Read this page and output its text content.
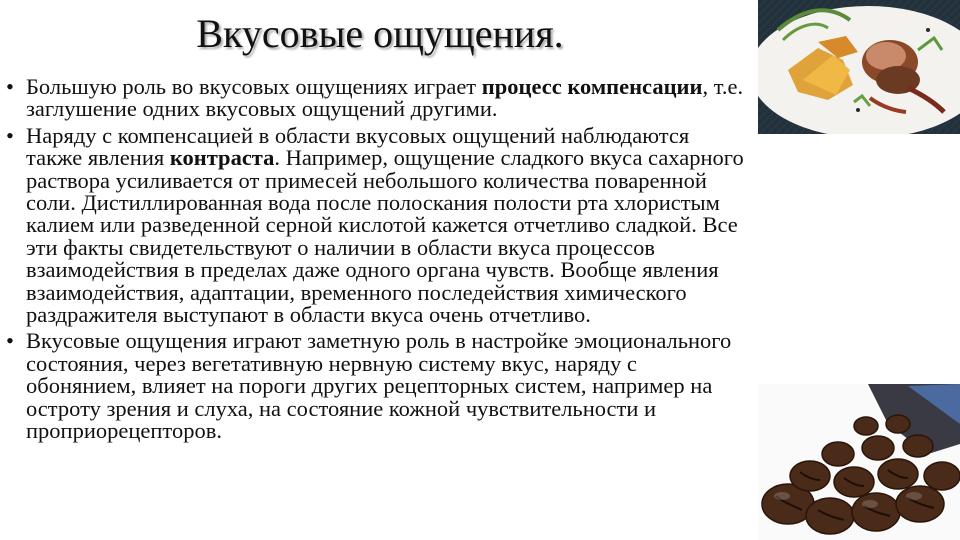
Вкусовые ощущения.
• Большую роль во вкусовых ощущениях играет процесс компенсации, т.е. заглушение одних вкусовых ощущений другими.
• Наряду с компенсацией в области вкусовых ощущений наблюдаются также явления контраста. Например, ощущение сладкого вкуса сахарного раствора усиливается от примесей небольшого количества поваренной соли. Дистиллированная вода после полоскания полости рта хлористым калием или разведенной серной кислотой кажется отчетливо сладкой. Все эти факты свидетельствуют о наличии в области вкуса процессов взаимодействия в пределах даже одного органа чувств. Вообще явления взаимодействия, адаптации, временного последействия химического раздражителя выступают в области вкуса очень отчетливо.
• Вкусовые ощущения играют заметную роль в настройке эмоционального состояния, через вегетативную нервную систему вкус, наряду с обонянием, влияет на пороги других рецепторных систем, например на остроту зрения и слуха, на состояние кожной чувствительности и проприорецепторов.
